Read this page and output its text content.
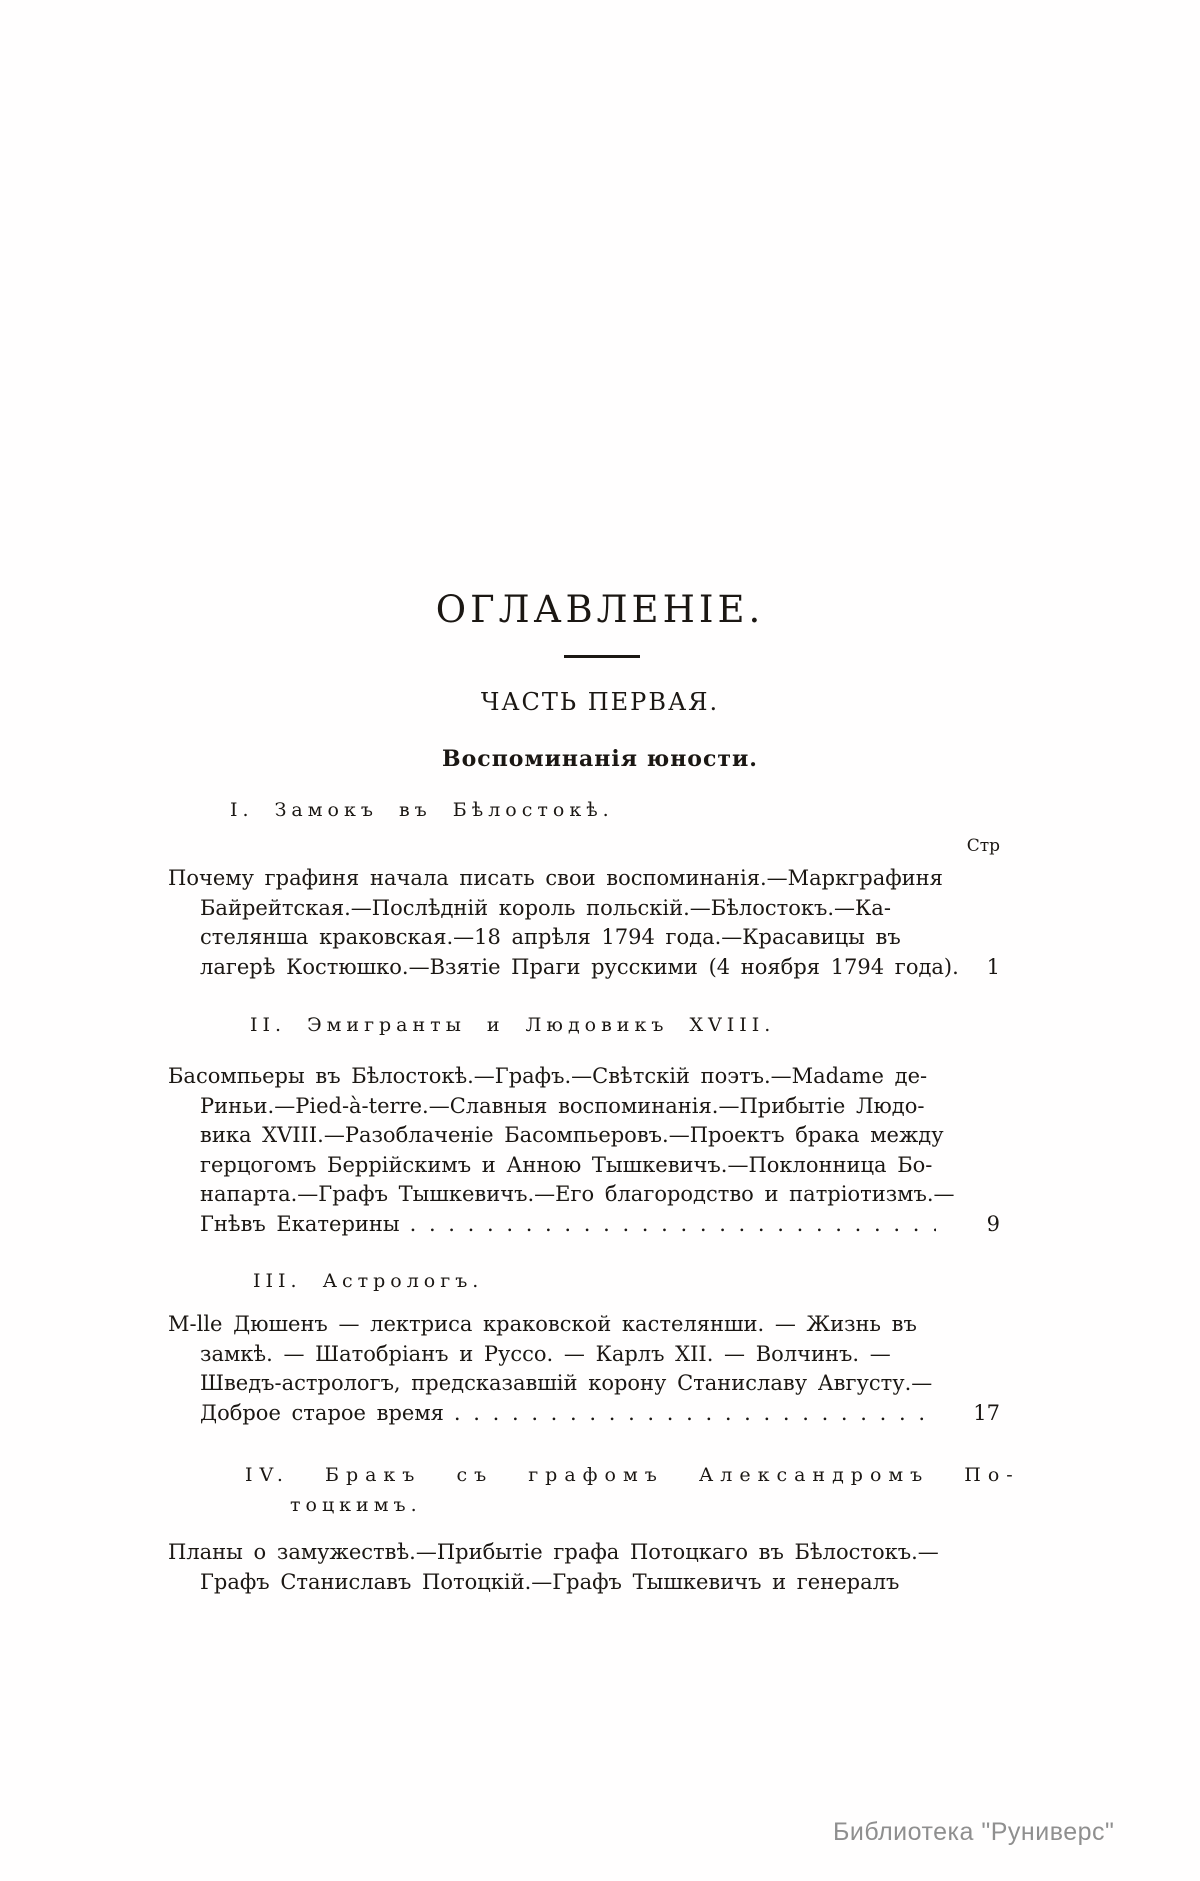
ОГЛАВЛЕНІЕ.
ЧАСТЬ ПЕРВАЯ.
Воспоминанія юности.
Стр
I. Замокъ въ Бѣлостокѣ.
Почему графиня начала писать свои воспоминанія.—Маркграфиня
Байрейтская.—Послѣдній король польскій.—Бѣлостокъ.—Ка-
стелянша краковская.—18 апрѣля 1794 года.—Красавицы въ
лагерѣ Костюшко.—Взятіе Праги русскими (4 ноября 1794 года).	1
II. Эмигранты и Людовикъ XVIII.
Басомпьеры въ Бѣлостокѣ.—Графъ.—Свѣтскій поэтъ.—Madame де-
Риньи.—Pied-à-terre.—Славныя воспоминанія.—Прибытіе Людо-
вика XVIII.—Разоблаченіе Басомпьеровъ.—Проектъ брака между
герцогомъ Беррійскимъ и Анною Тышкевичъ.—Поклонница Бо-
напарта.—Графъ Тышкевичъ.—Его благородство и патріотизмъ.—
Гнѣвъ Екатерины . . .	9
III. Астрологъ.
M-lle Дюшенъ — лектриса краковской кастелянши. — Жизнь въ
замкѣ. — Шатобріанъ и Руссо. — Карлъ XII. — Волчинъ. —
Шведъ-астрологъ, предсказавшій корону Станиславу Августу.—
Доброе старое время . . .	17
IV. Бракъ съ графомъ Александромъ По-
тоцкимъ.
Планы о замужествѣ.—Прибытіе графа Потоцкаго въ Бѣлостокъ.—
Графъ Станиславъ Потоцкій.—Графъ Тышкевичъ и генералъ
Библиотека "Руниверс"
